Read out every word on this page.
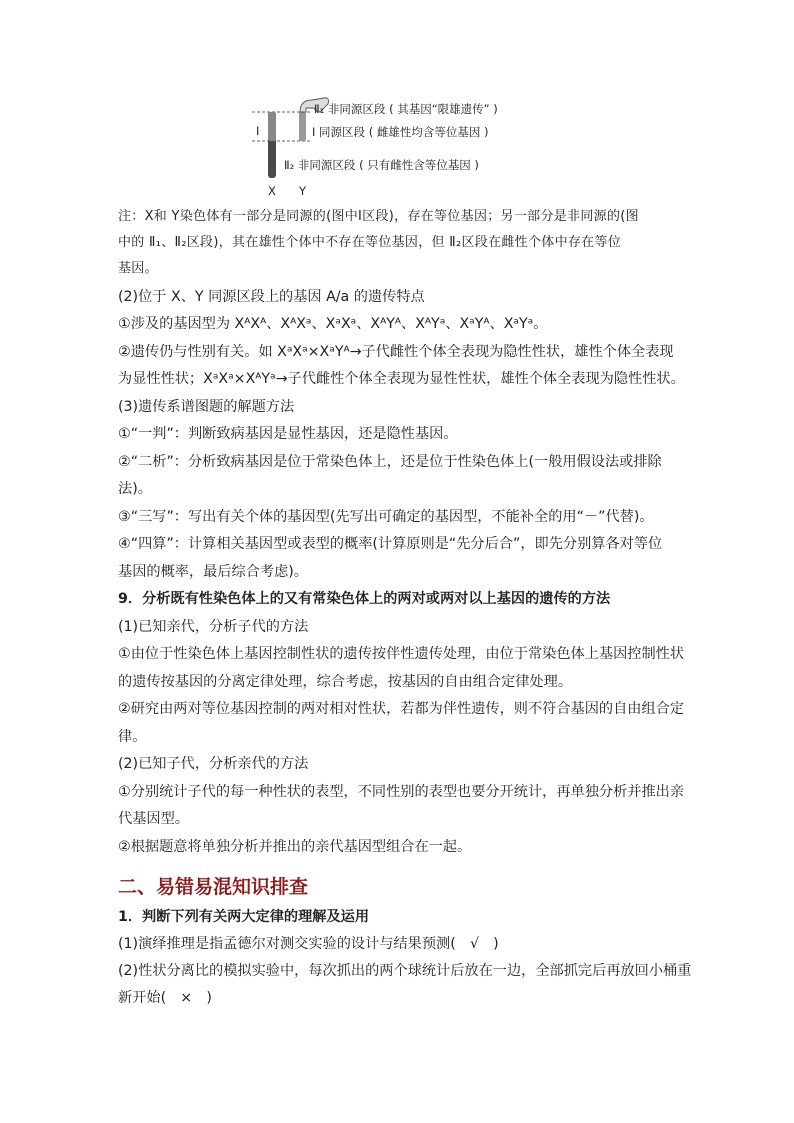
Ⅱ₁ 非同源区段 ( 其基因“限雄遗传” )
Ⅰ 同源区段 ( 雌雄性均含等位基因 )
Ⅰ
Ⅱ₂ 非同源区段 ( 只有雌性含等位基因 )
X Y
注：X和 Y染色体有一部分是同源的(图中Ⅰ区段)，存在等位基因；另一部分是非同源的(图
中的 Ⅱ₁、Ⅱ₂区段)，其在雄性个体中不存在等位基因，但 Ⅱ₂区段在雌性个体中存在等位
基因。
(2)位于 X、Y 同源区段上的基因 A/a 的遗传特点
①涉及的基因型为 XᴬXᴬ、XᴬXᵃ、XᵃXᵃ、XᴬYᴬ、XᴬYᵃ、XᵃYᴬ、XᵃYᵃ。
②遗传仍与性别有关。如 XᵃXᵃ×XᵃYᴬ→子代雌性个体全表现为隐性性状，雄性个体全表现
为显性性状；XᵃXᵃ×XᴬYᵃ→子代雌性个体全表现为显性性状，雄性个体全表现为隐性性状。
(3)遗传系谱图题的解题方法
①“一判”：判断致病基因是显性基因，还是隐性基因。
②“二析”：分析致病基因是位于常染色体上，还是位于性染色体上(一般用假设法或排除
法)。
③“三写”：写出有关个体的基因型(先写出可确定的基因型，不能补全的用“－”代替)。
④“四算”：计算相关基因型或表型的概率(计算原则是“先分后合”，即先分别算各对等位
基因的概率，最后综合考虑)。
9．分析既有性染色体上的又有常染色体上的两对或两对以上基因的遗传的方法
(1)已知亲代，分析子代的方法
①由位于性染色体上基因控制性状的遗传按伴性遗传处理，由位于常染色体上基因控制性状
的遗传按基因的分离定律处理，综合考虑，按基因的自由组合定律处理。
②研究由两对等位基因控制的两对相对性状，若都为伴性遗传，则不符合基因的自由组合定
律。
(2)已知子代，分析亲代的方法
①分别统计子代的每一种性状的表型，不同性别的表型也要分开统计，再单独分析并推出亲
代基因型。
②根据题意将单独分析并推出的亲代基因型组合在一起。
二、易错易混知识排查
1．判断下列有关两大定律的理解及运用
(1)演绎推理是指孟德尔对测交实验的设计与结果预测(　√　)
(2)性状分离比的模拟实验中，每次抓出的两个球统计后放在一边，全部抓完后再放回小桶重
新开始(　×　)
